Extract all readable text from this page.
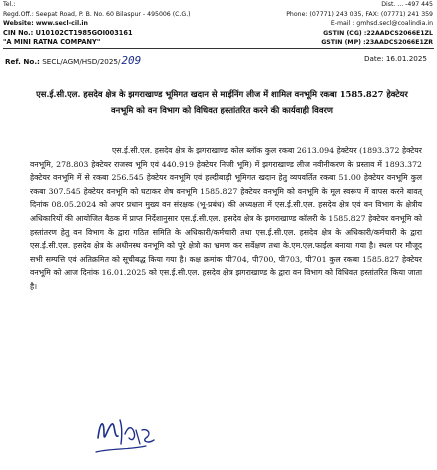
Tel.:
Regd.Off.: Seepat Road, P. B. No. 60 Bilaspur - 495006 (C.G.)
Website: www.secl-cil.in
CIN No.: U10102CT1985GOI003161
"A MINI RATNA COMPANY"
Dist. ... -497 445
Phone: (07771) 243 035, FAX: (07771) 241 359
E-mail : gmhsd.secl@coalindia.in
GSTIN (CG) :22AADCS2066E1ZL
GSTIN (MP) :23AADCS2066E1ZR
Ref. No.: SECL/AGM/HSD/2025/209	Date: 16.01.2025
एस.ई.सी.एल. हसदेव क्षेत्र के झगराखाण्ड भूमिगत खदान से माईनिंग लीज में शामिल वनभूमि रकबा 1585.827 हेक्टेयर वनभूमि को वन विभाग को विधिवत हस्तांतरित करने की कार्यवाही विवरण
एस.ई.सी.एल. हसदेव क्षेत्र के झगराखाण्ड कोल ब्लॉक कुल रकबा 2613.094 हेक्टेयर (1893.372 हेक्टेयर वनभूमि, 278.803 हेक्टेयर राजस्व भूमि एवं 440.919 हेक्टेयर निजी भूमि) में झगराखाण्ड लीज नवीनीकरण के प्रस्ताव में 1893.372 हेक्टेयर वनभूमि में से रकबा 256.545 हेक्टेयर वनभूमि एवं हल्दीबाड़ी भूमिगत खदान हेतु व्यपवर्तित रकबा 51.00 हेक्टेयर वनभूमि कुल रकबा 307.545 हेक्टेयर वनभूमि को घटाकर शेष वनभूमि 1585.827 हेक्टेयर वनभूमि को वनभूमि के मूल स्वरूप में वापस करने बावत् दिनांक 08.05.2024 को अपर प्रधान मुख्य वन संरक्षक (भू-प्रबंध) की अध्यक्षता में एस.ई.सी.एल. हसदेव क्षेत्र एवं वन विभाग के क्षेत्रीय अधिकारियों की आयोजित बैठक में प्राप्त निर्देशानुसार एस.ई.सी.एल. हसदेव क्षेत्र के झगराखाण्ड कॉलरी के 1585.827 हेक्टेयर वनभूमि को हस्तांतरण हेतु वन विभाग के द्वारा गठित समिति के अधिकारी/कर्मचारी तथा एस.ई.सी.एल. हसदेव क्षेत्र के अधिकारी/कर्मचारी के द्वारा एस.ई.सी.एल. हसदेव क्षेत्र के अधीनस्थ वनभूमि को पूरे क्षेत्रो का भ्रमण कर सर्वेक्षण तथा के.एम.एल.फाईल बनाया गया है। स्थल पर मौजूद सभी सम्पत्ति एवं अतिक्रमित को सूचीबद्ध किया गया है। कक्ष क्रमांक पी704, पी700, पी703, पी701 कुल रकबा 1585.827 हेक्टेयर वनभूमि को आज दिनांक 16.01.2025 को एस.ई.सी.एल. हसदेव क्षेत्र झगराखाण्ड के द्वारा वन विभाग को विधिवत हस्तांतरित किया जाता है।
